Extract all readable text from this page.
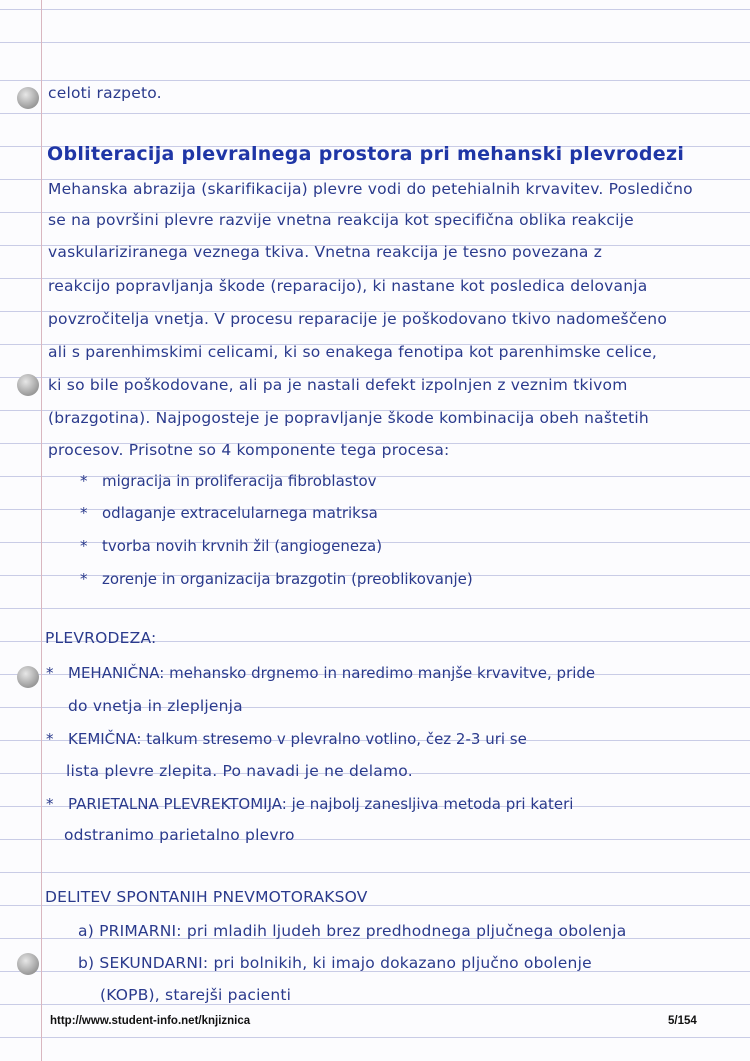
celoti razpeto.
Obliteracija plevralnega prostora pri mehanski plevrodezi
Mehanska abrazija (skarifikacija) plevre vodi do petehialnih krvavitev. Posledično
se na površini plevre razvije vnetna reakcija kot specifična oblika reakcije
vaskulariziranega veznega tkiva. Vnetna reakcija je tesno povezana z
reakcijo popravljanja škode (reparacijo), ki nastane kot posledica delovanja
povzročitelja vnetja. V procesu reparacije je poškodovano tkivo nadomeščeno
ali s parenhimskimi celicami, ki so enakega fenotipa kot parenhimske celice,
ki so bile poškodovane, ali pa je nastali defekt izpolnjen z veznim tkivom
(brazgotina). Najpogosteje je popravljanje škode kombinacija obeh naštetih
procesov. Prisotne so 4 komponente tega procesa:
* migracija in proliferacija fibroblastov
* odlaganje extracelularnega matriksa
* tvorba novih krvnih žil (angiogeneza)
* zorenje in organizacija brazgotin (preoblikovanje)
PLEVRODEZA:
* MEHANIČNA: mehansko drgnemo in naredimo manjše krvavitve, pride
do vnetja in zlepljenja
* KEMIČNA: talkum stresemo v plevralno votlino, čez 2-3 uri se
lista plevre zlepita. Po navadi je ne delamo.
* PARIETALNA PLEVREKTOMIJA: je najbolj zanesljiva metoda pri kateri
odstranimo parietalno plevro
DELITEV SPONTANIH PNEVMOTORAKSOV
a) PRIMARNI: pri mladih ljudeh brez predhodnega pljučnega obolenja
b) SEKUNDARNI: pri bolnikih, ki imajo dokazano pljučno obolenje
(KOPB), starejši pacienti
http://www.student-info.net/knjiznica	5/154
